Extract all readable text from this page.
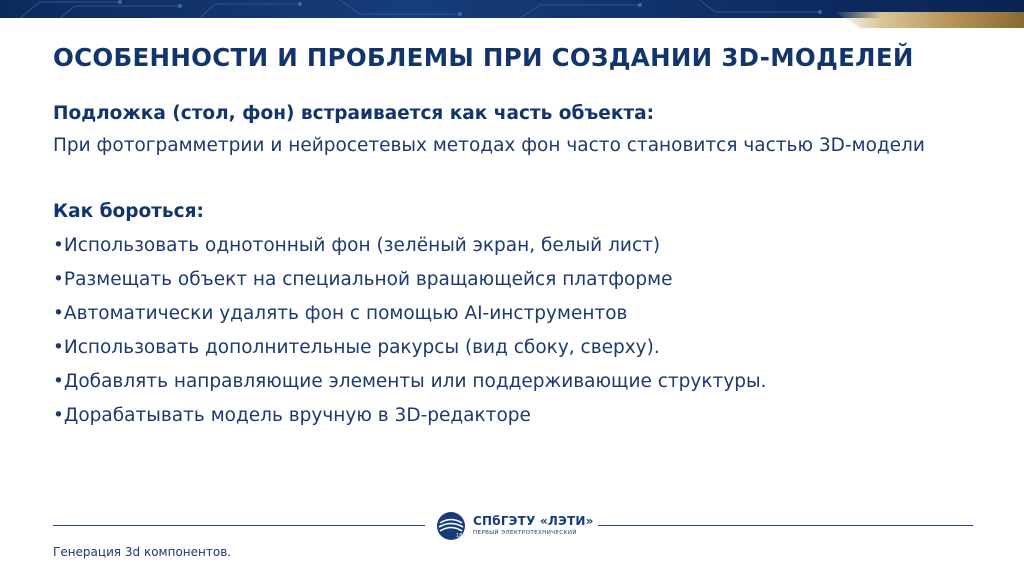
ОСОБЕННОСТИ И ПРОБЛЕМЫ ПРИ СОЗДАНИИ 3D-МОДЕЛЕЙ

Подложка (стол, фон) встраивается как часть объекта:

При фотограмметрии и нейросетевых методах фон часто становится частью 3D-модели

Как бороться:

•Использовать однотонный фон (зелёный экран, белый лист)
•Размещать объект на специальной вращающейся платформе
•Автоматически удалять фон с помощью AI-инструментов
•Использовать дополнительные ракурсы (вид сбоку, сверху).
•Добавлять направляющие элементы или поддерживающие структуры.
•Дорабатывать модель вручную в 3D-редакторе
1886
СПбГЭТУ «ЛЭТИ»
ПЕРВЫЙ ЭЛЕКТРОТЕХНИЧЕСКИЙ
Генерация 3d компонентов.
